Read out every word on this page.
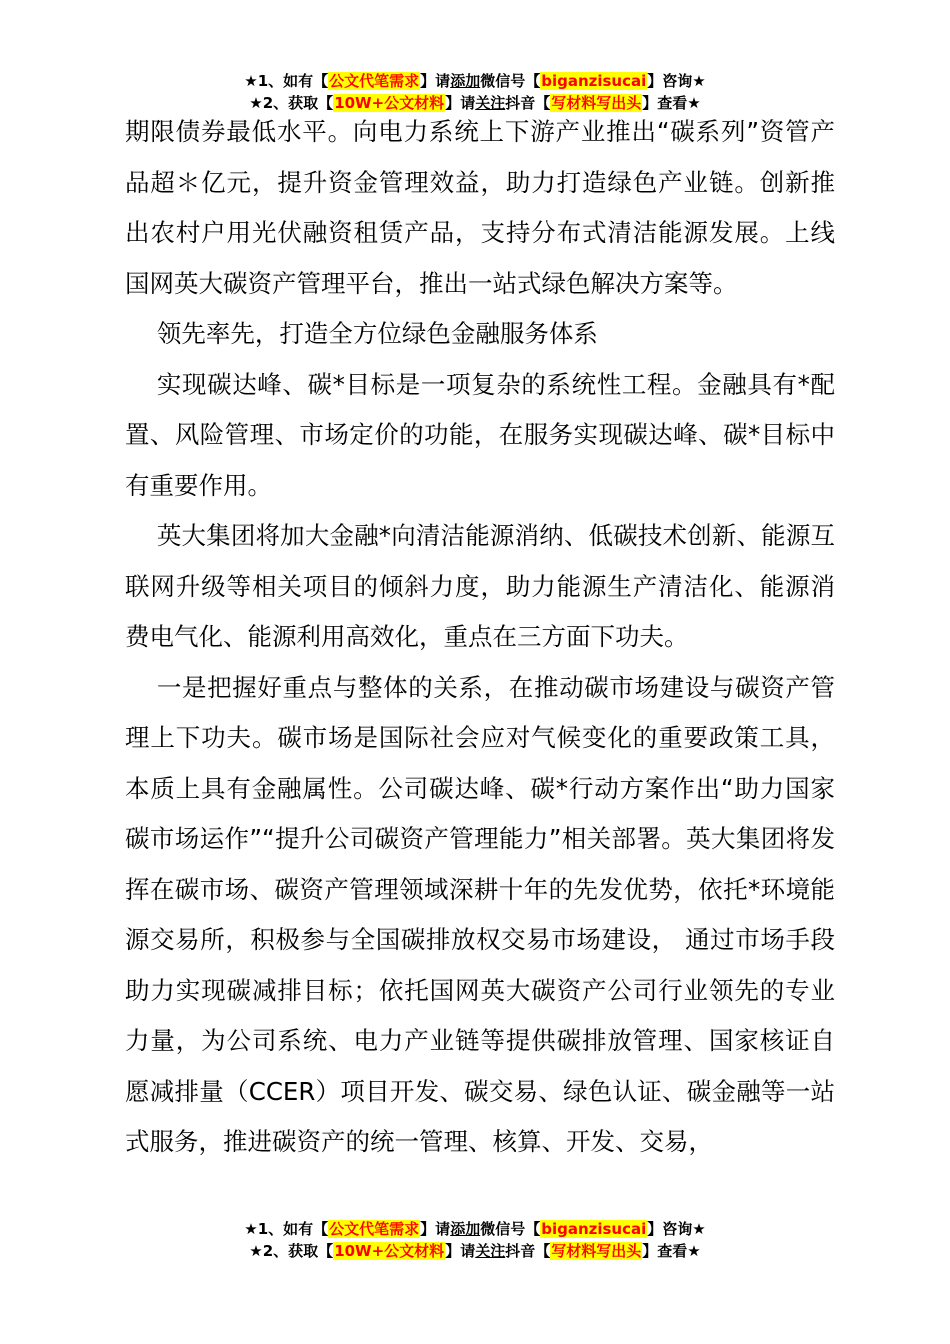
★1、如有【公文代笔需求】请添加微信号【biganzisucai】咨询★
★2、获取【10W+公文材料】请关注抖音【写材料写出头】查看★

期限债券最低水平。向电力系统上下游产业推出“碳系列”资管产品超＊亿元，提升资金管理效益，助力打造绿色产业链。创新推出农村户用光伏融资租赁产品，支持分布式清洁能源发展。上线国网英大碳资产管理平台，推出一站式绿色解决方案等。

领先率先，打造全方位绿色金融服务体系

实现碳达峰、碳*目标是一项复杂的系统性工程。金融具有*配置、风险管理、市场定价的功能，在服务实现碳达峰、碳*目标中有重要作用。

英大集团将加大金融*向清洁能源消纳、低碳技术创新、能源互联网升级等相关项目的倾斜力度，助力能源生产清洁化、能源消费电气化、能源利用高效化，重点在三方面下功夫。

一是把握好重点与整体的关系，在推动碳市场建设与碳资产管理上下功夫。碳市场是国际社会应对气候变化的重要政策工具，本质上具有金融属性。公司碳达峰、碳*行动方案作出“助力国家碳市场运作”“提升公司碳资产管理能力”相关部署。英大集团将发挥在碳市场、碳资产管理领域深耕十年的先发优势，依托*环境能源交易所，积极参与全国碳排放权交易市场建设， 通过市场手段助力实现碳减排目标；依托国网英大碳资产公司行业领先的专业力量，为公司系统、电力产业链等提供碳排放管理、国家核证自愿减排量（CCER）项目开发、碳交易、绿色认证、碳金融等一站式服务，推进碳资产的统一管理、核算、开发、交易，

★1、如有【公文代笔需求】请添加微信号【biganzisucai】咨询★
★2、获取【10W+公文材料】请关注抖音【写材料写出头】查看★
